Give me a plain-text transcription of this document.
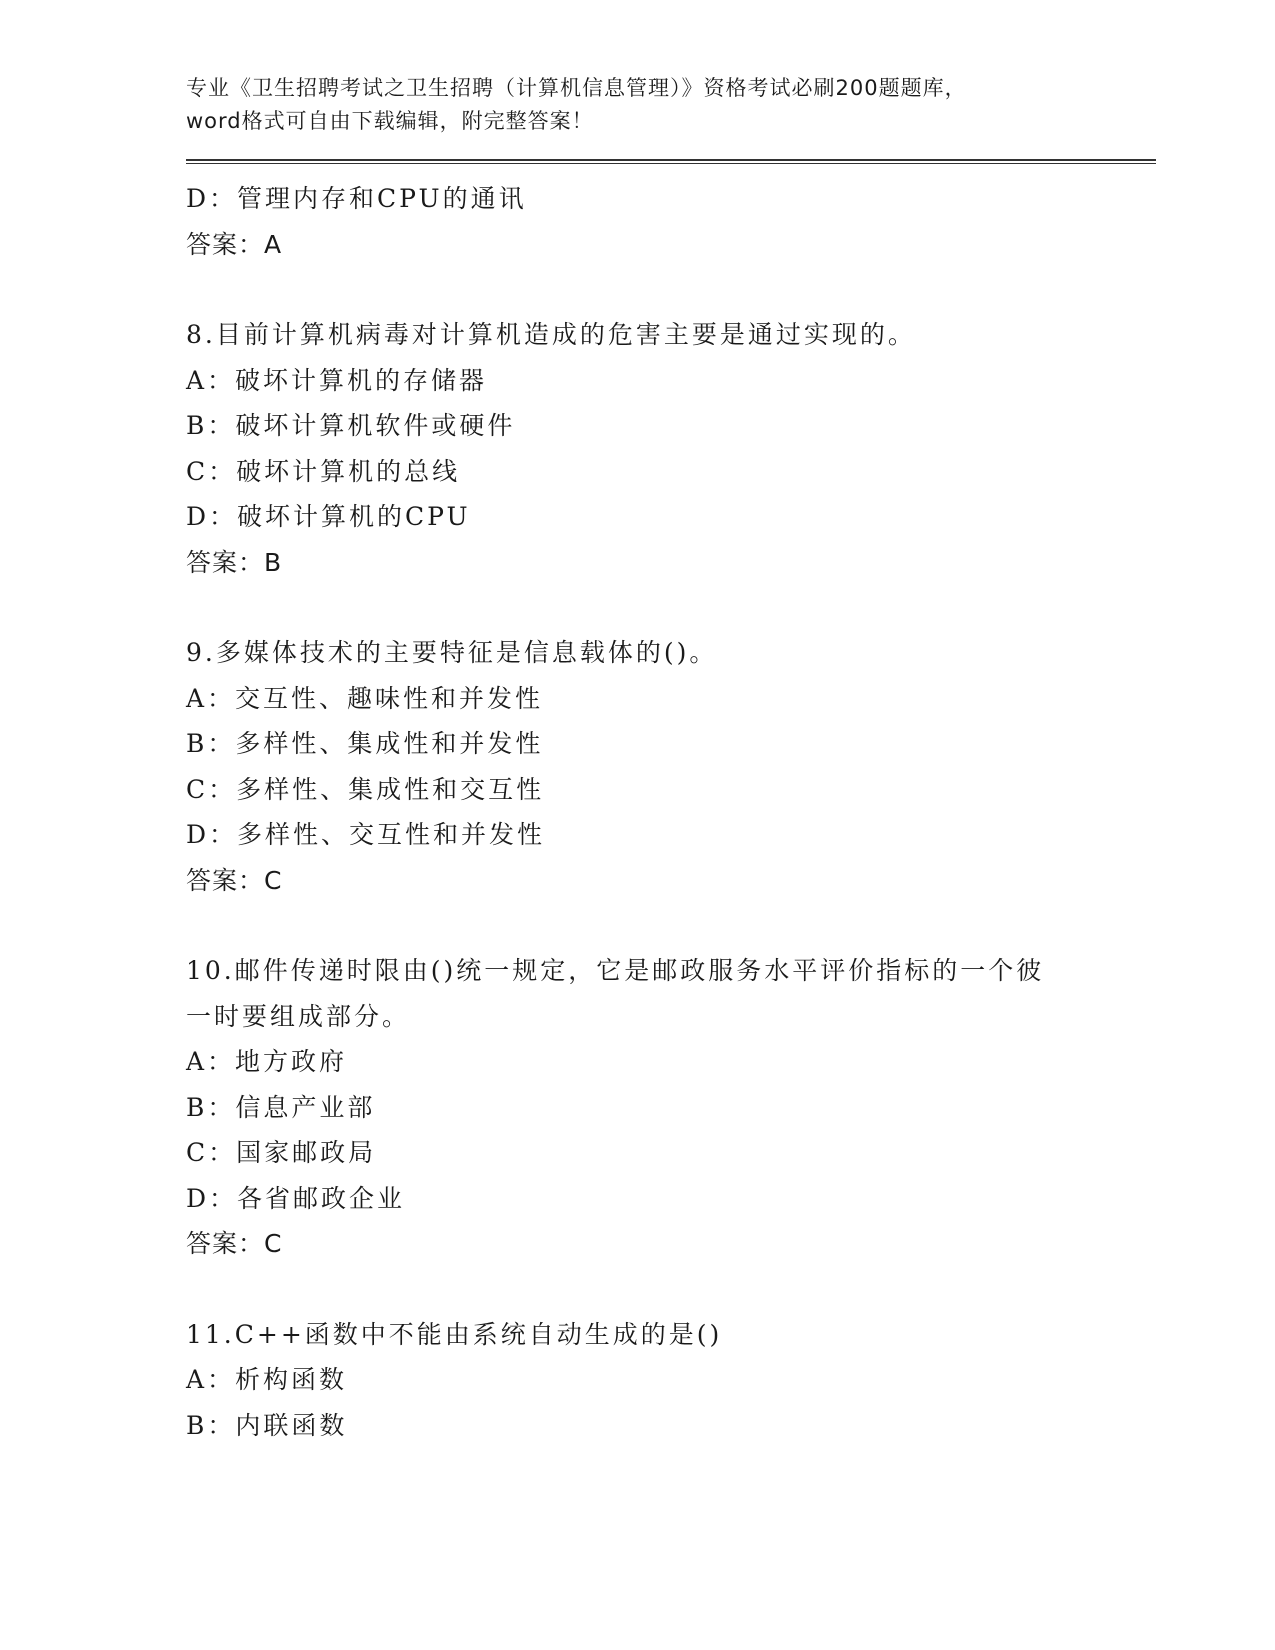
专业《卫生招聘考试之卫生招聘（计算机信息管理）》资格考试必刷200题题库，
word格式可自由下载编辑，附完整答案！
D：管理内存和CPU的通讯
答案：A
8.目前计算机病毒对计算机造成的危害主要是通过实现的。
A：破坏计算机的存储器
B：破坏计算机软件或硬件
C：破坏计算机的总线
D：破坏计算机的CPU
答案：B
9.多媒体技术的主要特征是信息载体的()。
A：交互性、趣味性和并发性
B：多样性、集成性和并发性
C：多样性、集成性和交互性
D：多样性、交互性和并发性
答案：C
10.邮件传递时限由()统一规定，它是邮政服务水平评价指标的一个彼
一时要组成部分。
A：地方政府
B：信息产业部
C：国家邮政局
D：各省邮政企业
答案：C
11.C++函数中不能由系统自动生成的是()
A：析构函数
B：内联函数
